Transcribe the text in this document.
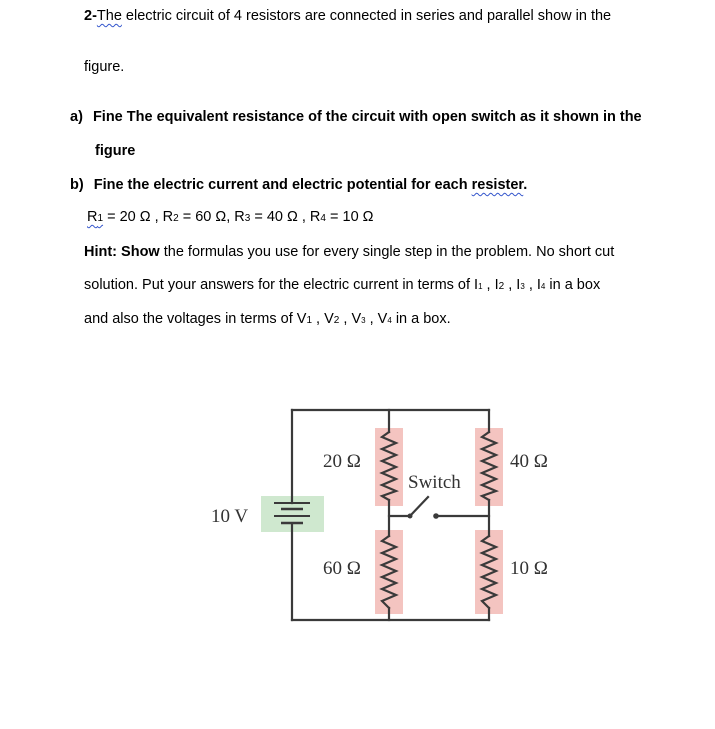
2-The electric circuit of 4 resistors are connected in series and parallel show in the
figure.
a) Fine The equivalent resistance of the circuit with open switch as it shown in the
figure
b) Fine the electric current and electric potential for each resister.
R1 = 20 Ω , R2 = 60 Ω, R3 = 40 Ω , R4 = 10 Ω
Hint: Show the formulas you use for every single step in the problem. No short cut
solution. Put your answers for the electric current in terms of I1 , I2 , I3 , I4 in a box
and also the voltages in terms of V1 , V2 , V3 , V4 in a box.
10 V
20 Ω
60 Ω
40 Ω
10 Ω
Switch
